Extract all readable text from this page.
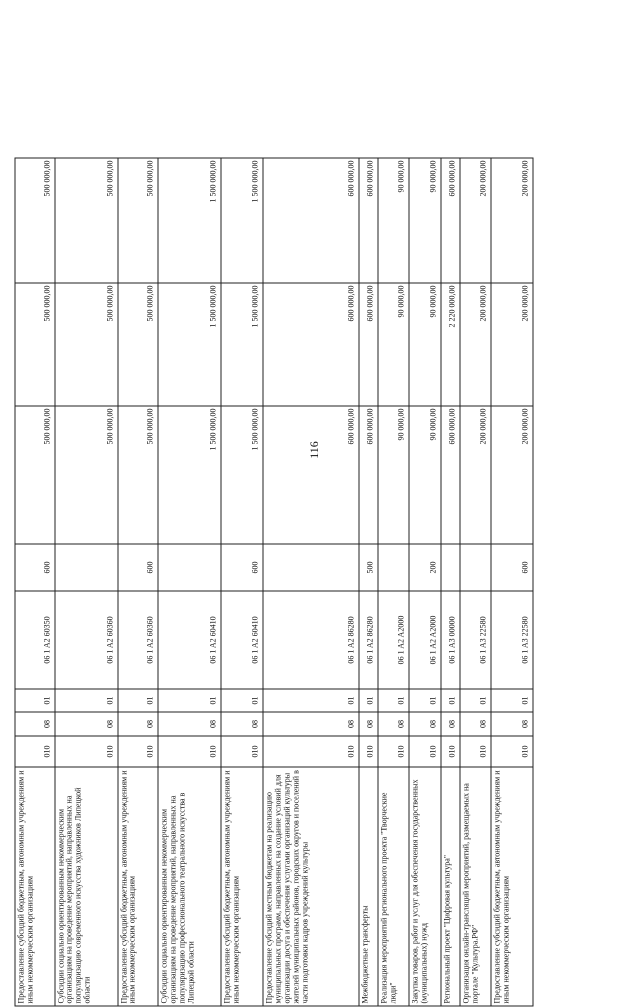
116
Предоставление субсидий бюджетным, автономным учреждениям и иным некоммерческим организациям	010	08	01	06 1 A2 60350	600	500 000,00	500 000,00	500 000,00
Субсидии социально ориентированным некоммерческим организациям на проведение мероприятий, направленных на популяризацию современного искусства художников Липецкой области	010	08	01	06 1 A2 60360		500 000,00	500 000,00	500 000,00
Предоставление субсидий бюджетным, автономным учреждениям и иным некоммерческим организациям	010	08	01	06 1 A2 60360	600	500 000,00	500 000,00	500 000,00
Субсидии социально ориентированным некоммерческим организациям на проведение мероприятий, направленных на популяризацию профессионального театрального искусства в Липецкой области	010	08	01	06 1 A2 60410		1 500 000,00	1 500 000,00	1 500 000,00
Предоставление субсидий бюджетным, автономным учреждениям и иным некоммерческим организациям	010	08	01	06 1 A2 60410	600	1 500 000,00	1 500 000,00	1 500 000,00
Предоставление субсидий местным бюджетам на реализацию муниципальных программ, направленных на создание условий для организации досуга и обеспечения услугами организаций культуры жителей муниципальных районов, городских округов и поселений в части подготовки кадров учреждений культуры	010	08	01	06 1 A2 86280		600 000,00	600 000,00	600 000,00
Межбюджетные трансферты	010	08	01	06 1 A2 86280	500	600 000,00	600 000,00	600 000,00
Реализация мероприятий регионального проекта "Творческие люди"	010	08	01	06 1 A2 A2000		90 000,00	90 000,00	90 000,00
Закупка товаров, работ и услуг для обеспечения государственных (муниципальных) нужд	010	08	01	06 1 A2 A2000	200	90 000,00	90 000,00	90 000,00
Региональный проект "Цифровая культура"	010	08	01	06 1 A3 00000		600 000,00	2 220 000,00	600 000,00
Организация онлайн-трансляций мероприятий, размещаемых на портале "Культура.РФ"	010	08	01	06 1 A3 22580		200 000,00	200 000,00	200 000,00
Предоставление субсидий бюджетным, автономным учреждениям и иным некоммерческим организациям	010	08	01	06 1 A3 22580	600	200 000,00	200 000,00	200 000,00
